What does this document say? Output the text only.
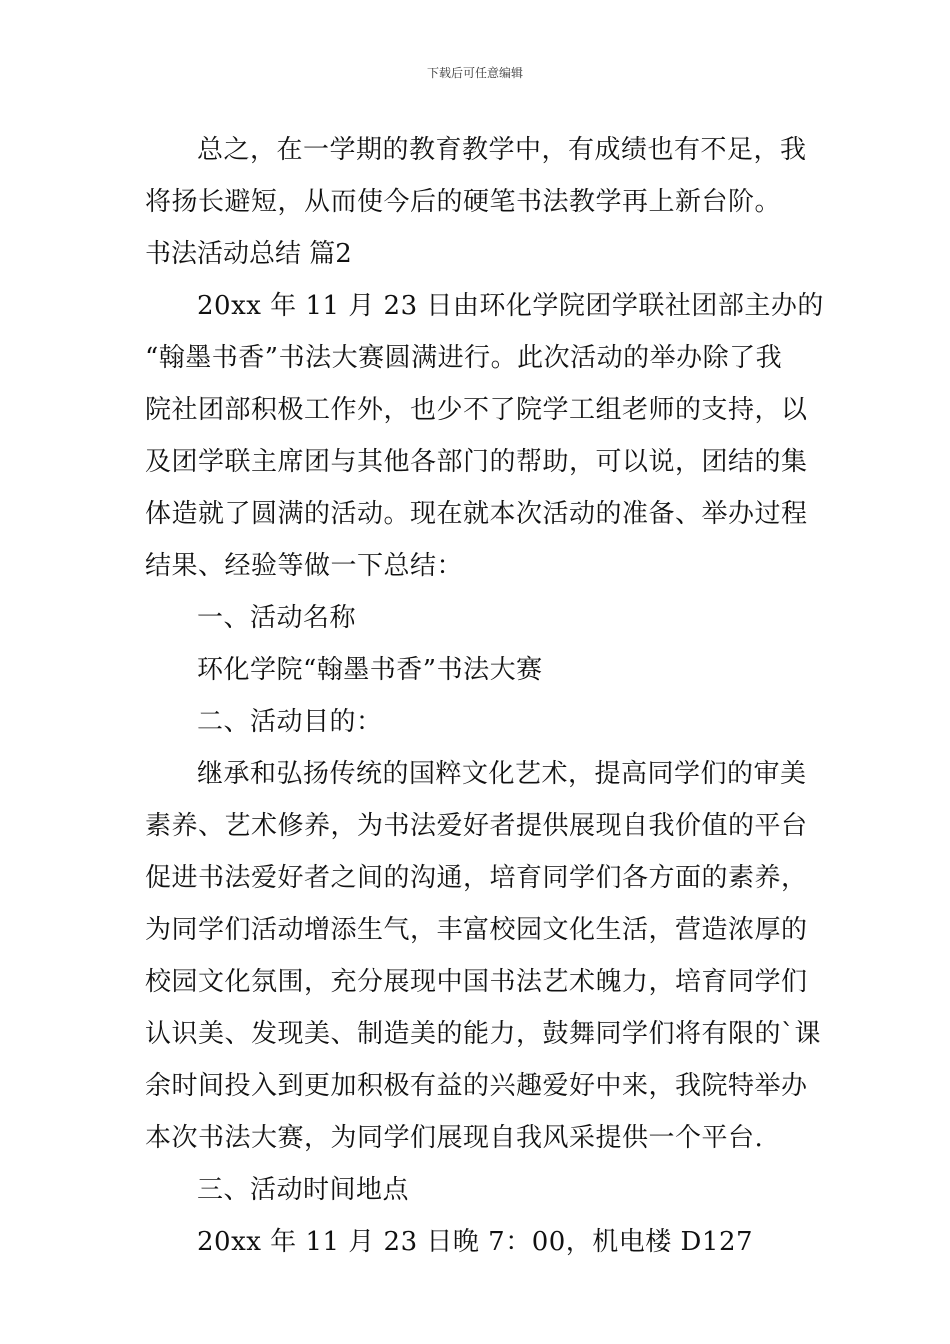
下载后可任意编辑
总之，在一学期的教育教学中，有成绩也有不足，我
将扬长避短，从而使今后的硬笔书法教学再上新台阶。
书法活动总结 篇2
20xx 年 11 月 23 日由环化学院团学联社团部主办的
“翰墨书香”书法大赛圆满进行。此次活动的举办除了我
院社团部积极工作外，也少不了院学工组老师的支持，以
及团学联主席团与其他各部门的帮助，可以说，团结的集
体造就了圆满的活动。现在就本次活动的准备、举办过程
结果、经验等做一下总结：
一、活动名称
环化学院“翰墨书香”书法大赛
二、活动目的：
继承和弘扬传统的国粹文化艺术，提高同学们的审美
素养、艺术修养，为书法爱好者提供展现自我价值的平台
促进书法爱好者之间的沟通，培育同学们各方面的素养，
为同学们活动增添生气，丰富校园文化生活，营造浓厚的
校园文化氛围，充分展现中国书法艺术魄力，培育同学们
认识美、发现美、制造美的能力，鼓舞同学们将有限的`课
余时间投入到更加积极有益的兴趣爱好中来，我院特举办
本次书法大赛，为同学们展现自我风采提供一个平台.
三、活动时间地点
20xx 年 11 月 23 日晚 7：00，机电楼 D127
